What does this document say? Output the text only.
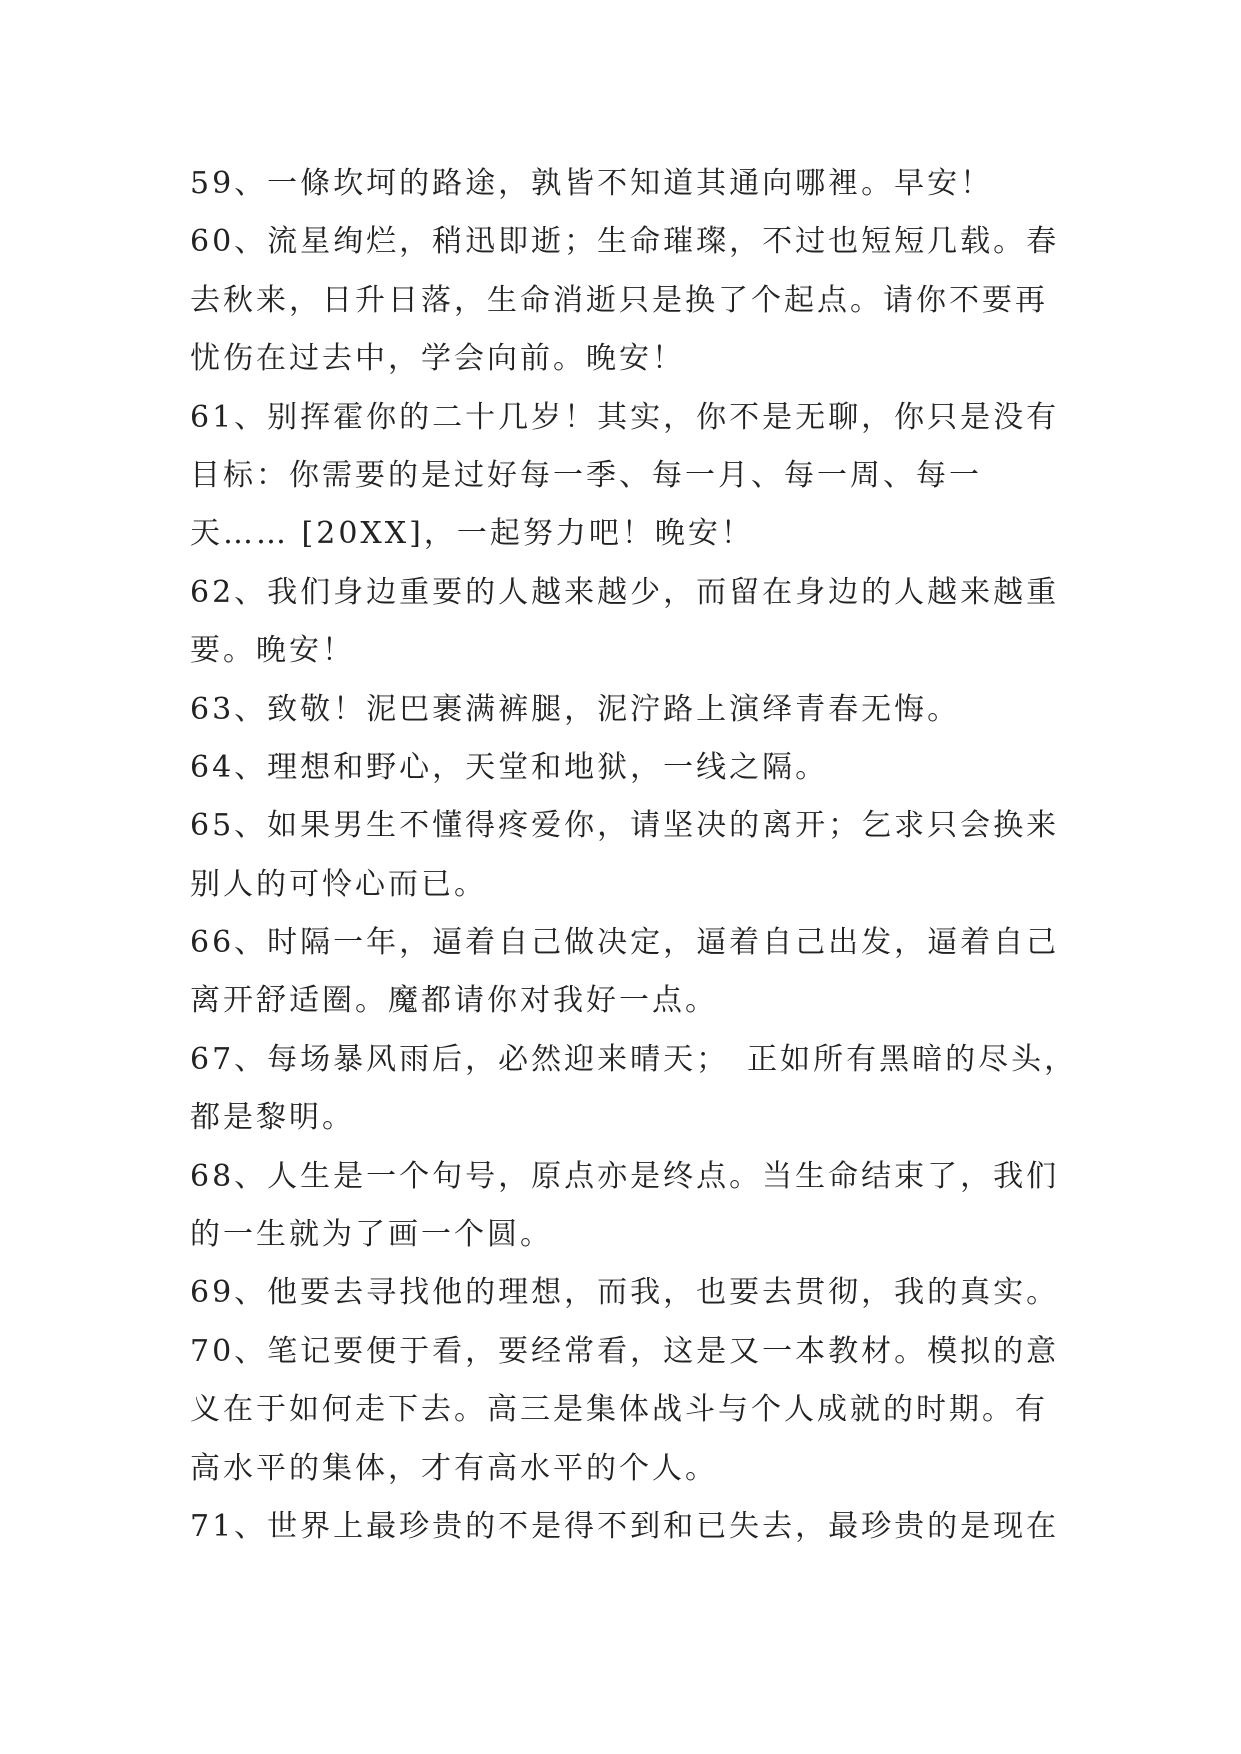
59、一條坎坷的路途，孰皆不知道其通向哪裡。早安！
60、流星绚烂，稍迅即逝；生命璀璨，不过也短短几载。春
去秋来，日升日落，生命消逝只是换了个起点。请你不要再
忧伤在过去中，学会向前。晚安！
61、别挥霍你的二十几岁！其实，你不是无聊，你只是没有
目标：你需要的是过好每一季、每一月、每一周、每一
天…… [20XX]，一起努力吧！晚安！
62、我们身边重要的人越来越少，而留在身边的人越来越重
要。晚安！
63、致敬！泥巴裹满裤腿，泥泞路上演绎青春无悔。
64、理想和野心，天堂和地狱，一线之隔。
65、如果男生不懂得疼爱你，请坚决的离开；乞求只会换来
别人的可怜心而已。
66、时隔一年，逼着自己做决定，逼着自己出发，逼着自己
离开舒适圈。魔都请你对我好一点。
67、每场暴风雨后，必然迎来晴天；　正如所有黑暗的尽头，
都是黎明。
68、人生是一个句号，原点亦是终点。当生命结束了，我们
的一生就为了画一个圆。
69、他要去寻找他的理想，而我，也要去贯彻，我的真实。
70、笔记要便于看，要经常看，这是又一本教材。模拟的意
义在于如何走下去。高三是集体战斗与个人成就的时期。有
高水平的集体，才有高水平的个人。
71、世界上最珍贵的不是得不到和已失去，最珍贵的是现在
